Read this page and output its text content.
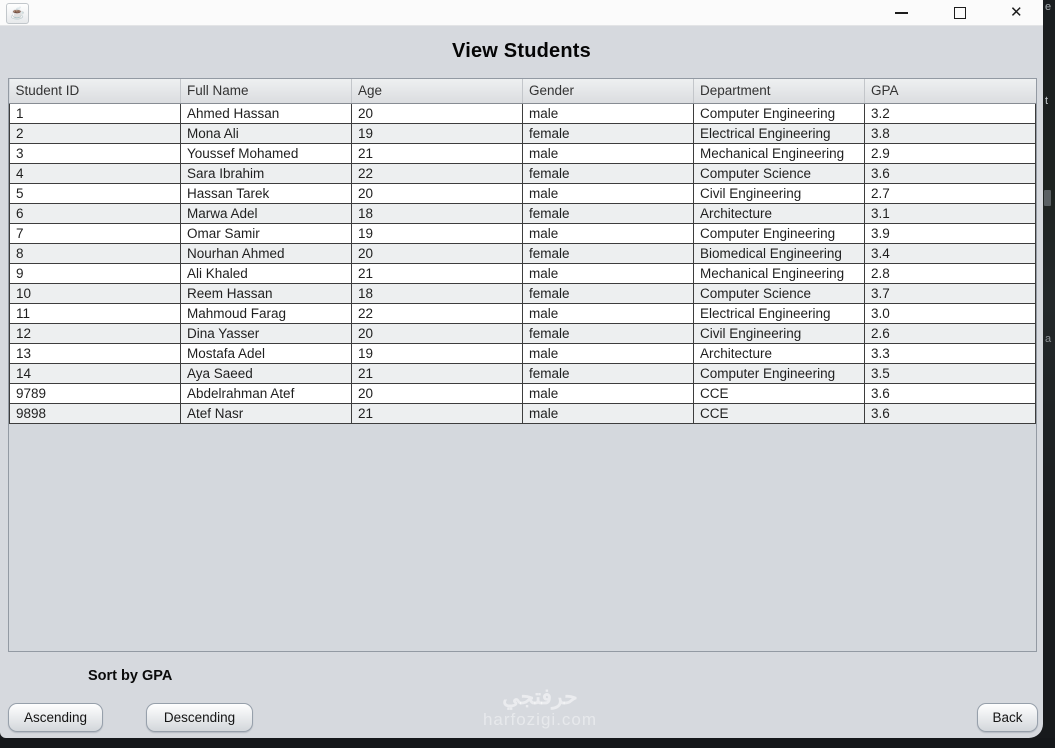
☕	✕
View Students
Student ID	Full Name	Age	Gender	Department	GPA
1	Ahmed Hassan	20	male	Computer Engineering	3.2
2	Mona Ali	19	female	Electrical Engineering	3.8
3	Youssef Mohamed	21	male	Mechanical Engineering	2.9
4	Sara Ibrahim	22	female	Computer Science	3.6
5	Hassan Tarek	20	male	Civil Engineering	2.7
6	Marwa Adel	18	female	Architecture	3.1
7	Omar Samir	19	male	Computer Engineering	3.9
8	Nourhan Ahmed	20	female	Biomedical Engineering	3.4
9	Ali Khaled	21	male	Mechanical Engineering	2.8
10	Reem Hassan	18	female	Computer Science	3.7
11	Mahmoud Farag	22	male	Electrical Engineering	3.0
12	Dina Yasser	20	female	Civil Engineering	2.6
13	Mostafa Adel	19	male	Architecture	3.3
14	Aya Saeed	21	female	Computer Engineering	3.5
9789	Abdelrahman Atef	20	male	CCE	3.6
9898	Atef Nasr	21	male	CCE	3.6
Sort by GPA
Ascending	Descending	Back
حرفتجي
harfozigi.com
e
t
a
